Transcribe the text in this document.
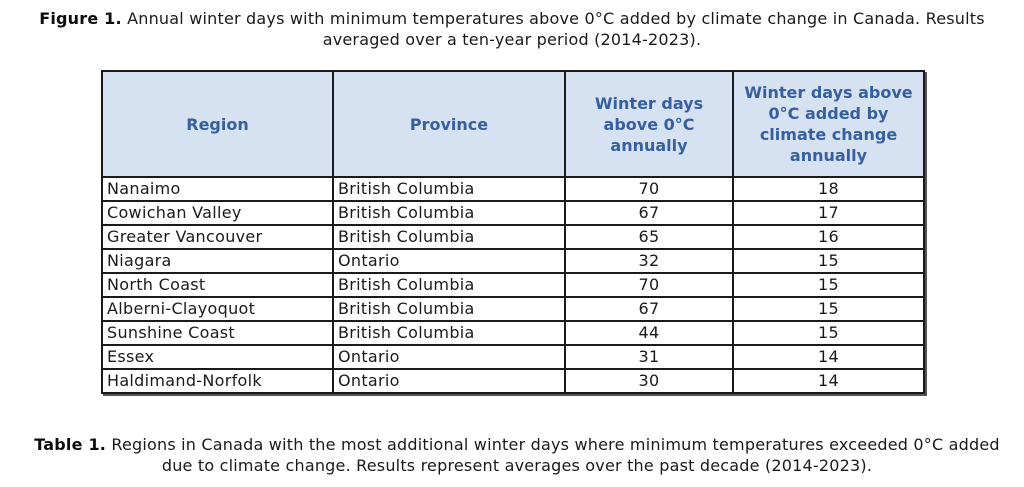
Figure 1. Annual winter days with minimum temperatures above 0°C added by climate change in Canada. Results averaged over a ten-year period (2014-2023).
Region	Province	Winter days above 0°C annually	Winter days above 0°C added by climate change annually
Nanaimo	British Columbia	70	18
Cowichan Valley	British Columbia	67	17
Greater Vancouver	British Columbia	65	16
Niagara	Ontario	32	15
North Coast	British Columbia	70	15
Alberni-Clayoquot	British Columbia	67	15
Sunshine Coast	British Columbia	44	15
Essex	Ontario	31	14
Haldimand-Norfolk	Ontario	30	14
Table 1. Regions in Canada with the most additional winter days where minimum temperatures exceeded 0°C added due to climate change. Results represent averages over the past decade (2014-2023).
